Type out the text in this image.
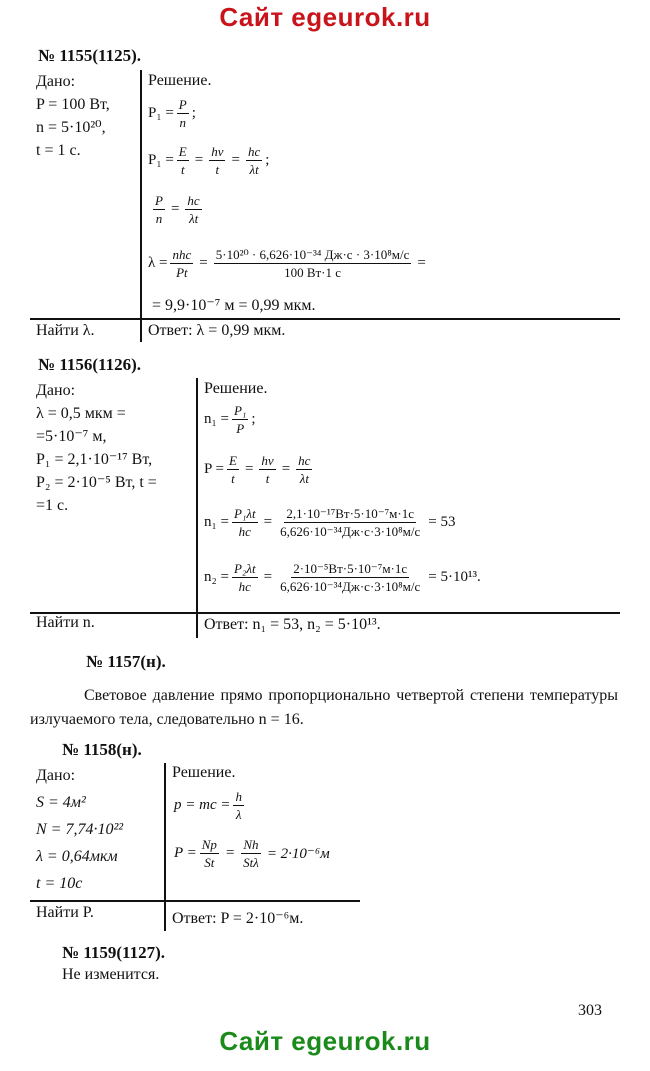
Сайт egeurok.ru
№ 1155(1125).
Дано:
P = 100 Вт,
n = 5·10²⁰,
t = 1 с.
Решение.
$P_1 = \frac{P}{n}$ ;
$P_1 = \frac{E}{t} = \frac{h\nu}{t} = \frac{hc}{\lambda t}$ ;
$\frac{P}{n} = \frac{hc}{\lambda t}$
$\lambda = \frac{\text{nhc}}{Pt} = \frac{\text{5·10²⁰ · 6,626·10⁻³⁴ Дж·с · 3·10⁸м/с}}{100 Вт\cdot 1 с}$ =
= 9,9·10⁻⁷ м = 0,99 мкм.
Найти λ.	Ответ: λ = 0,99 мкм.
№ 1156(1126).
Дано:
λ = 0,5 мкм =
=5·10⁻⁷ м,
P₁ = 2,1·10⁻¹⁷ Вт,
P₂ = 2·10⁻⁵ Вт, t =
=1 с.
Решение.
$n_1 = \frac{\text{P₁}}{P}$ ;
$P = \frac{E}{t} = \frac{h\nu}{t} = \frac{hc}{\lambda t}$
$n_1 = \frac{\text{P₁λt}}{hc} = \frac{\text{2,1·10⁻¹⁷Вт·5·10⁻⁷м·1с}}{\text{6,626·10⁻³⁴Дж·с·3·10⁸м/с}} = 53$
$n_2 = \frac{\text{P₂λt}}{hc} = \frac{\text{2·10⁻⁵Вт·5·10⁻⁷м·1с}}{\text{6,626·10⁻³⁴Дж·с·3·10⁸м/с}} = 5\cdot 10^{13}$.
Найти n.	Ответ: n₁ = 53, n₂ = 5·10¹³.
№ 1157(н).
Световое давление прямо пропорционально четвертой степени температуры излучаемого тела, следовательно n = 16.
№ 1158(н).
Дано:
S = 4м²
N = 7,74·10²²
λ = 0,64мкм
t = 10с
Решение.
p = mc = $\frac{h}{\lambda}$
$P = \frac{Np}{St} = \frac{Nh}{\text{Stλ}} = 2\cdot 10^{-6}м$
Найти P.	Ответ: P = 2·10⁻⁶м.
№ 1159(1127).
Не изменится.
303
Сайт egeurok.ru
